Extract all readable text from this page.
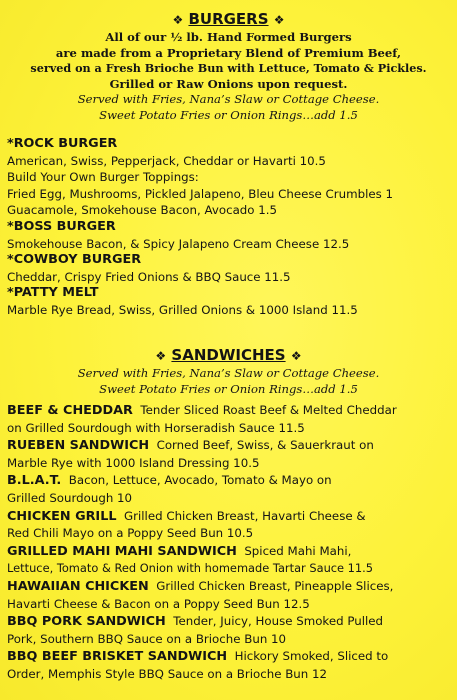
❖ BURGERS ❖
All of our ½ lb. Hand Formed Burgers
are made from a Proprietary Blend of Premium Beef,
served on a Fresh Brioche Bun with Lettuce, Tomato & Pickles.
Grilled or Raw Onions upon request.
Served with Fries, Nana’s Slaw or Cottage Cheese.
Sweet Potato Fries or Onion Rings…add 1.5
*ROCK BURGER
American, Swiss, Pepperjack, Cheddar or Havarti 10.5
Build Your Own Burger Toppings:
Fried Egg, Mushrooms, Pickled Jalapeno, Bleu Cheese Crumbles 1
Guacamole, Smokehouse Bacon, Avocado 1.5
*BOSS BURGER
Smokehouse Bacon, & Spicy Jalapeno Cream Cheese 12.5
*COWBOY BURGER
Cheddar, Crispy Fried Onions & BBQ Sauce 11.5
*PATTY MELT
Marble Rye Bread, Swiss, Grilled Onions & 1000 Island 11.5
❖ SANDWICHES ❖
Served with Fries, Nana’s Slaw or Cottage Cheese.
Sweet Potato Fries or Onion Rings…add 1.5
BEEF & CHEDDAR Tender Sliced Roast Beef & Melted Cheddar
on Grilled Sourdough with Horseradish Sauce 11.5
RUEBEN SANDWICH Corned Beef, Swiss, & Sauerkraut on
Marble Rye with 1000 Island Dressing 10.5
B.L.A.T. Bacon, Lettuce, Avocado, Tomato & Mayo on
Grilled Sourdough 10
CHICKEN GRILL Grilled Chicken Breast, Havarti Cheese &
Red Chili Mayo on a Poppy Seed Bun 10.5
GRILLED MAHI MAHI SANDWICH Spiced Mahi Mahi,
Lettuce, Tomato & Red Onion with homemade Tartar Sauce 11.5
HAWAIIAN CHICKEN Grilled Chicken Breast, Pineapple Slices,
Havarti Cheese & Bacon on a Poppy Seed Bun 12.5
BBQ PORK SANDWICH Tender, Juicy, House Smoked Pulled
Pork, Southern BBQ Sauce on a Brioche Bun 10
BBQ BEEF BRISKET SANDWICH Hickory Smoked, Sliced to
Order, Memphis Style BBQ Sauce on a Brioche Bun 12
